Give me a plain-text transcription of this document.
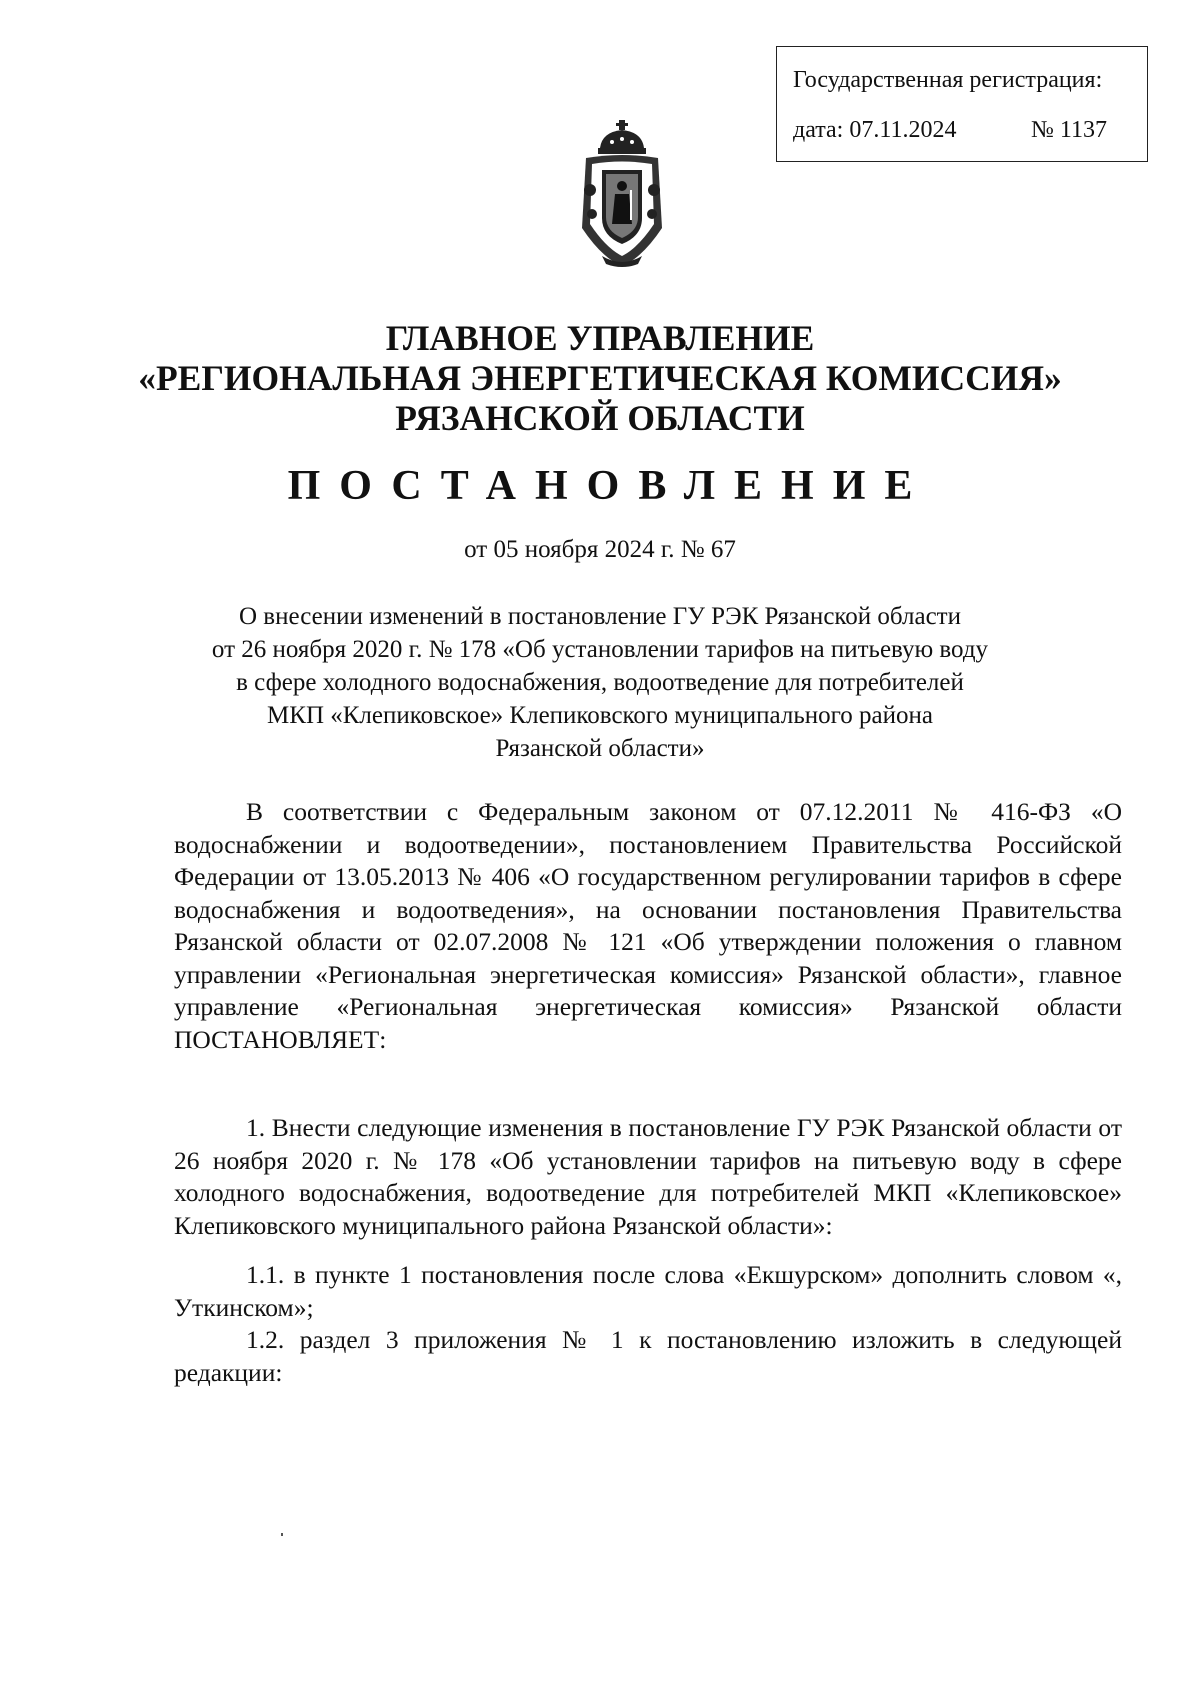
Государственная регистрация:
дата: 07.11.2024	№ 1137
ГЛАВНОЕ УПРАВЛЕНИЕ
«РЕГИОНАЛЬНАЯ ЭНЕРГЕТИЧЕСКАЯ КОМИССИЯ»
РЯЗАНСКОЙ ОБЛАСТИ
ПОСТАНОВЛЕНИЕ
от 05 ноября 2024 г. № 67
О внесении изменений в постановление ГУ РЭК Рязанской области
от 26 ноября 2020 г. № 178 «Об установлении тарифов на питьевую воду
в сфере холодного водоснабжения, водоотведение для потребителей
МКП «Клепиковское» Клепиковского муниципального района
Рязанской области»
В соответствии с Федеральным законом от 07.12.2011 № 416-ФЗ «О водоснабжении и водоотведении», постановлением Правительства Российской Федерации от 13.05.2013 № 406 «О государственном регулировании тарифов в сфере водоснабжения и водоотведения», на основании постановления Правительства Рязанской области от 02.07.2008 № 121 «Об утверждении положения о главном управлении «Региональная энергетическая комиссия» Рязанской области», главное управление «Региональная энергетическая комиссия» Рязанской области ПОСТАНОВЛЯЕТ:
1. Внести следующие изменения в постановление ГУ РЭК Рязанской области от 26 ноября 2020 г. № 178 «Об установлении тарифов на питьевую воду в сфере холодного водоснабжения, водоотведение для потребителей МКП «Клепиковское» Клепиковского муниципального района Рязанской области»:
1.1. в пункте 1 постановления после слова «Екшурском» дополнить словом «, Уткинском»;
1.2. раздел 3 приложения № 1 к постановлению изложить в следующей редакции:
